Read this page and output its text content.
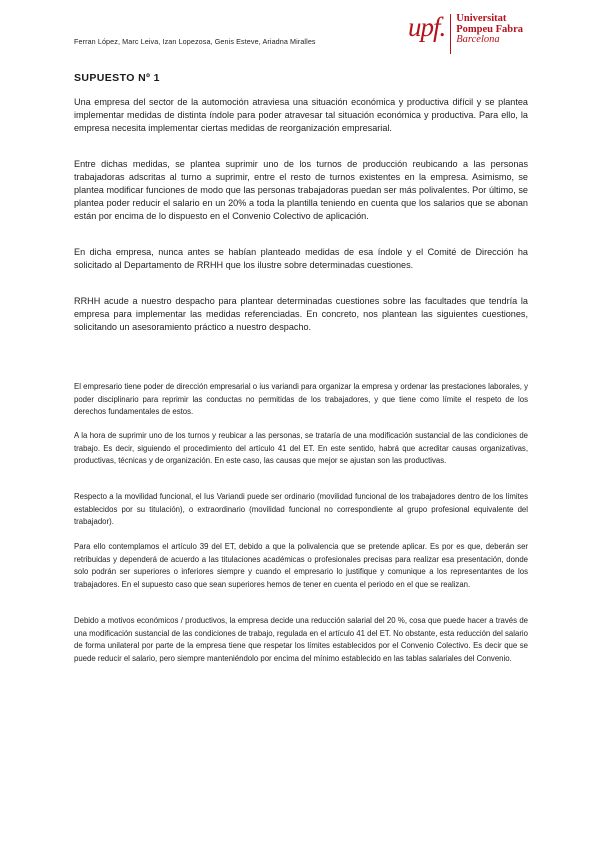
Ferran López, Marc Leiva, Izan Lopezosa, Genis Esteve, Ariadna Miralles	upf.	Universitat
Pompeu Fabra
Barcelona
SUPUESTO Nº 1

Una empresa del sector de la automoción atraviesa una situación económica y productiva difícil y se plantea implementar medidas de distinta índole para poder atravesar tal situación económica y productiva. Para ello, la empresa necesita implementar ciertas medidas de reorganización empresarial.

Entre dichas medidas, se plantea suprimir uno de los turnos de producción reubicando a las personas trabajadoras adscritas al turno a suprimir, entre el resto de turnos existentes en la empresa. Asimismo, se plantea modificar funciones de modo que las personas trabajadoras puedan ser más polivalentes. Por último, se plantea poder reducir el salario en un 20% a toda la plantilla teniendo en cuenta que los salarios que se abonan están por encima de lo dispuesto en el Convenio Colectivo de aplicación.

En dicha empresa, nunca antes se habían planteado medidas de esa índole y el Comité de Dirección ha solicitado al Departamento de RRHH que los ilustre sobre determinadas cuestiones.

RRHH acude a nuestro despacho para plantear determinadas cuestiones sobre las facultades que tendría la empresa para implementar las medidas referenciadas. En concreto, nos plantean las siguientes cuestiones, solicitando un asesoramiento práctico a nuestro despacho.

El empresario tiene poder de dirección empresarial o ius variandi para organizar la empresa y ordenar las prestaciones laborales, y poder disciplinario para reprimir las conductas no permitidas de los trabajadores, y que tiene como límite el respeto de los derechos fundamentales de estos.

A la hora de suprimir uno de los turnos y reubicar a las personas, se trataría de una modificación sustancial de las condiciones de trabajo. Es decir, siguiendo el procedimiento del artículo 41 del ET. En este sentido, habrá que acreditar causas organizativas, productivas, técnicas y de organización. En este caso, las causas que mejor se ajustan son las productivas.

Respecto a la movilidad funcional, el Ius Variandi puede ser ordinario (movilidad funcional de los trabajadores dentro de los límites establecidos por su titulación), o extraordinario (movilidad funcional no correspondiente al grupo profesional equivalente del trabajador).

Para ello contemplamos el artículo 39 del ET, debido a que la polivalencia que se pretende aplicar. Es por es que, deberán ser retribuidas y dependerá de acuerdo a las titulaciones académicas o profesionales precisas para realizar esa presentación, donde solo podrán ser superiores o inferiores siempre y cuando el empresario lo justifique y comunique a los representantes de los trabajadores. En el supuesto caso que sean superiores hemos de tener en cuenta el periodo en el que se realizan.

Debido a motivos económicos / productivos, la empresa decide una reducción salarial del 20 %, cosa que puede hacer a través de una modificación sustancial de las condiciones de trabajo, regulada en el artículo 41 del ET. No obstante, esta reducción del salario de forma unilateral por parte de la empresa tiene que respetar los límites establecidos por el Convenio Colectivo. Es decir que se puede reducir el salario, pero siempre manteniéndolo por encima del mínimo establecido en las tablas salariales del Convenio.
